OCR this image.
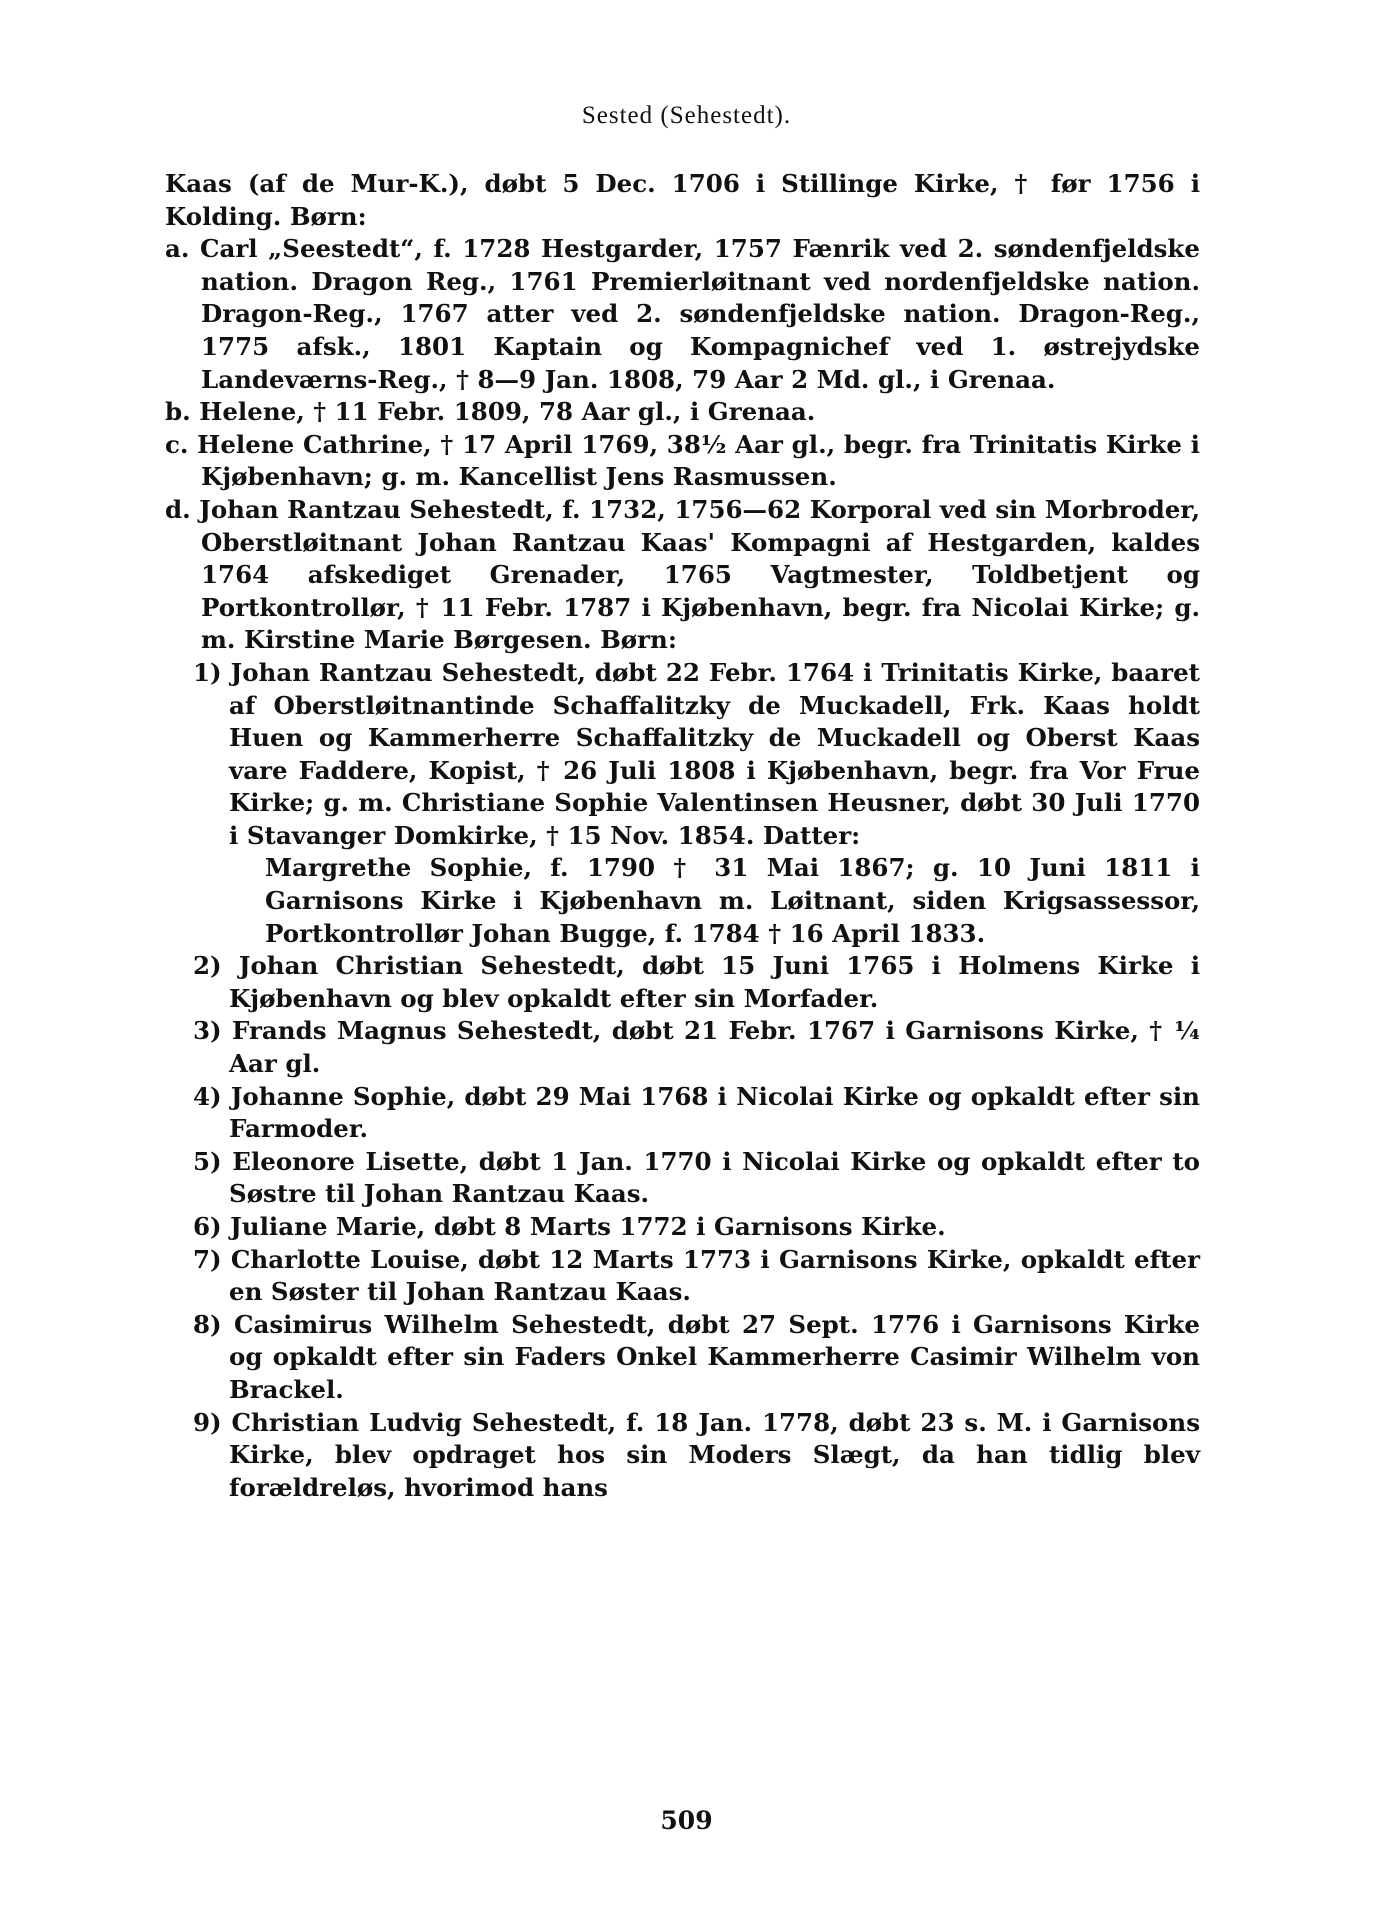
Sested (Sehestedt).

Kaas (af de Mur-K.), døbt 5 Dec. 1706 i Stillinge Kirke, † før 1756 i Kolding. Børn:

a. Carl „Seestedt“, f. 1728 Hestgarder, 1757 Fænrik ved 2. søndenfjeldske nation. Dragon Reg., 1761 Premierløitnant ved nordenfjeldske nation. Dragon-Reg., 1767 atter ved 2. søndenfjeldske nation. Dragon-Reg., 1775 afsk., 1801 Kaptain og Kompagnichef ved 1. østrejydske Landeværns-Reg., † 8—9 Jan. 1808, 79 Aar 2 Md. gl., i Grenaa.

b. Helene, † 11 Febr. 1809, 78 Aar gl., i Grenaa.

c. Helene Cathrine, † 17 April 1769, 38½ Aar gl., begr. fra Trinitatis Kirke i Kjøbenhavn; g. m. Kancellist Jens Rasmussen.

d. Johan Rantzau Sehestedt, f. 1732, 1756—62 Korporal ved sin Morbroder, Oberstløitnant Johan Rantzau Kaas' Kompagni af Hestgarden, kaldes 1764 afskediget Grenader, 1765 Vagtmester, Toldbetjent og Portkontrollør, † 11 Febr. 1787 i Kjøbenhavn, begr. fra Nicolai Kirke; g. m. Kirstine Marie Børgesen. Børn:

1) Johan Rantzau Sehestedt, døbt 22 Febr. 1764 i Trinitatis Kirke, baaret af Oberstløitnantinde Schaffalitzky de Muckadell, Frk. Kaas holdt Huen og Kammerherre Schaffalitzky de Muckadell og Oberst Kaas vare Faddere, Kopist, † 26 Juli 1808 i Kjøbenhavn, begr. fra Vor Frue Kirke; g. m. Christiane Sophie Valentinsen Heusner, døbt 30 Juli 1770 i Stavanger Domkirke, † 15 Nov. 1854. Datter:

Margrethe Sophie, f. 1790 † 31 Mai 1867; g. 10 Juni 1811 i Garnisons Kirke i Kjøbenhavn m. Løitnant, siden Krigsassessor, Portkontrollør Johan Bugge, f. 1784 † 16 April 1833.

2) Johan Christian Sehestedt, døbt 15 Juni 1765 i Holmens Kirke i Kjøbenhavn og blev opkaldt efter sin Morfader.

3) Frands Magnus Sehestedt, døbt 21 Febr. 1767 i Garnisons Kirke, † ¼ Aar gl.

4) Johanne Sophie, døbt 29 Mai 1768 i Nicolai Kirke og opkaldt efter sin Farmoder.

5) Eleonore Lisette, døbt 1 Jan. 1770 i Nicolai Kirke og opkaldt efter to Søstre til Johan Rantzau Kaas.

6) Juliane Marie, døbt 8 Marts 1772 i Garnisons Kirke.

7) Charlotte Louise, døbt 12 Marts 1773 i Garnisons Kirke, opkaldt efter en Søster til Johan Rantzau Kaas.

8) Casimirus Wilhelm Sehestedt, døbt 27 Sept. 1776 i Garnisons Kirke og opkaldt efter sin Faders Onkel Kammerherre Casimir Wilhelm von Brackel.

9) Christian Ludvig Sehestedt, f. 18 Jan. 1778, døbt 23 s. M. i Garnisons Kirke, blev opdraget hos sin Moders Slægt, da han tidlig blev forældreløs, hvorimod hans

509
